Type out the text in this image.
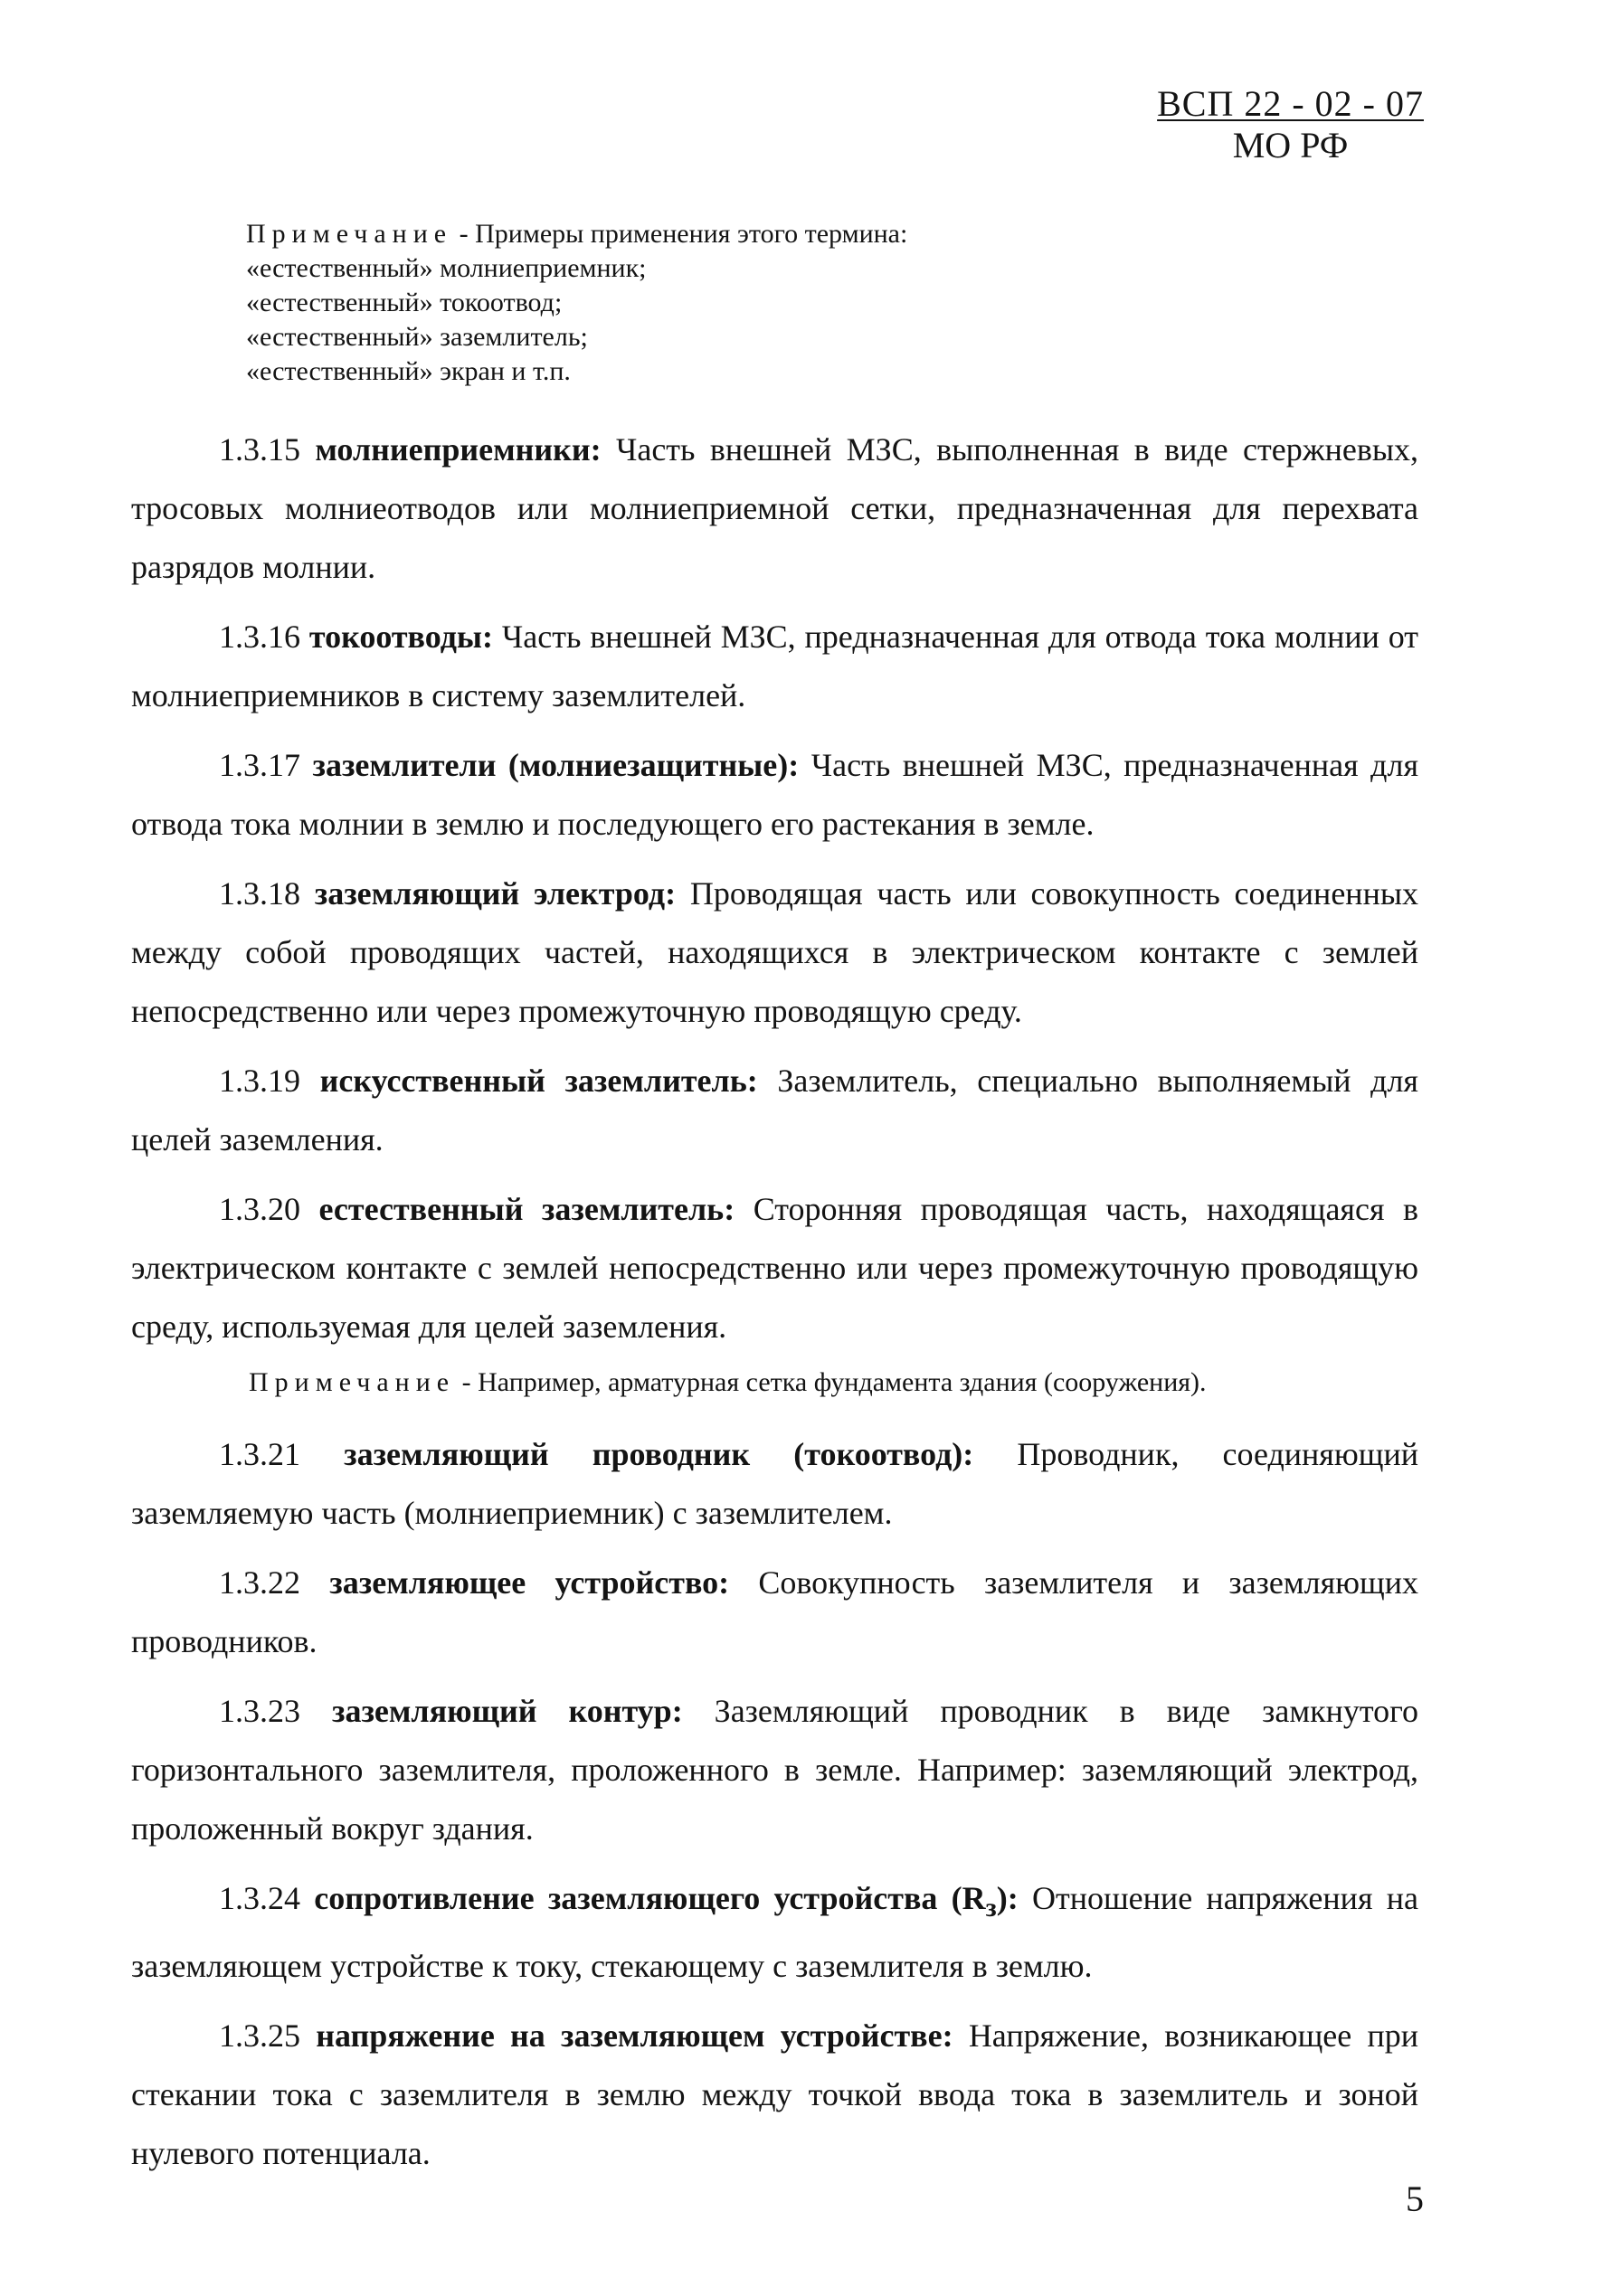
ВСП 22 - 02 - 07
МО РФ
Примечание - Примеры применения этого термина:
«естественный» молниеприемник;
«естественный» токоотвод;
«естественный» заземлитель;
«естественный» экран и т.п.

1.3.15 молниеприемники: Часть внешней МЗС, выполненная в виде стержневых, тросовых молниеотводов или молниеприемной сетки, предназначенная для перехвата разрядов молнии.

1.3.16 токоотводы: Часть внешней МЗС, предназначенная для отвода тока молнии от молниеприемников в систему заземлителей.

1.3.17 заземлители (молниезащитные): Часть внешней МЗС, предназначенная для отвода тока молнии в землю и последующего его растекания в земле.

1.3.18 заземляющий электрод: Проводящая часть или совокупность соединенных между собой проводящих частей, находящихся в электрическом контакте с землей непосредственно или через промежуточную проводящую среду.

1.3.19 искусственный заземлитель: Заземлитель, специально выполняемый для целей заземления.

1.3.20 естественный заземлитель: Сторонняя проводящая часть, находящаяся в электрическом контакте с землей непосредственно или через промежуточную проводящую среду, используемая для целей заземления.

Примечание - Например, арматурная сетка фундамента здания (сооружения).

1.3.21 заземляющий проводник (токоотвод): Проводник, соединяющий заземляемую часть (молниеприемник) с заземлителем.

1.3.22 заземляющее устройство: Совокупность заземлителя и заземляющих проводников.

1.3.23 заземляющий контур: Заземляющий проводник в виде замкнутого горизонтального заземлителя, проложенного в земле. Например: заземляющий электрод, проложенный вокруг здания.

1.3.24 сопротивление заземляющего устройства $(R_з)$: Отношение напряжения на заземляющем устройстве к току, стекающему с заземлителя в землю.

1.3.25 напряжение на заземляющем устройстве: Напряжение, возникающее при стекании тока с заземлителя в землю между точкой ввода тока в заземлитель и зоной нулевого потенциала.

5
